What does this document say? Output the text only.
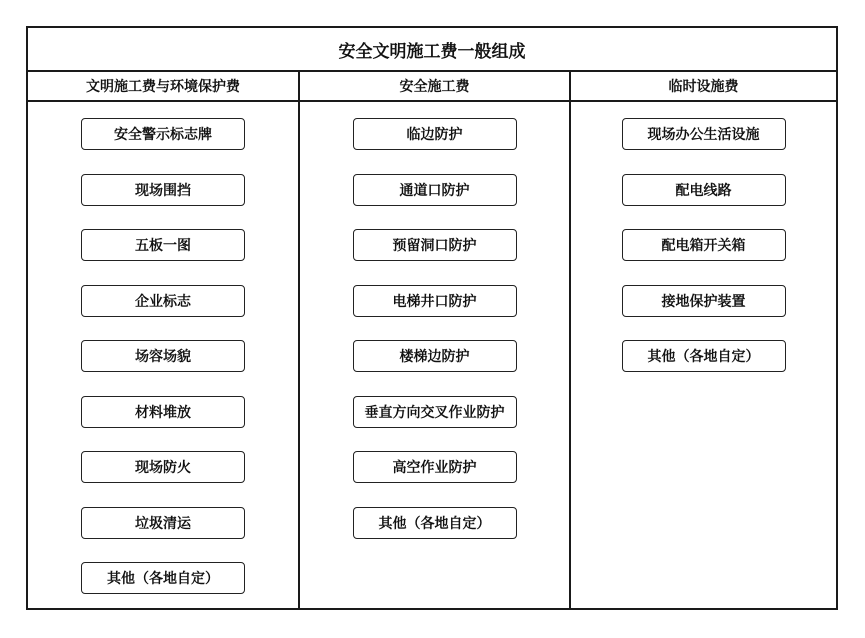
安全文明施工费一般组成
文明施工费与环境保护费
安全警示标志牌
现场围挡
五板一图
企业标志
场容场貌
材料堆放
现场防火
垃圾清运
其他（各地自定）
安全施工费
临边防护
通道口防护
预留洞口防护
电梯井口防护
楼梯边防护
垂直方向交叉作业防护
高空作业防护
其他（各地自定）
临时设施费
现场办公生活设施
配电线路
配电箱开关箱
接地保护装置
其他（各地自定）
